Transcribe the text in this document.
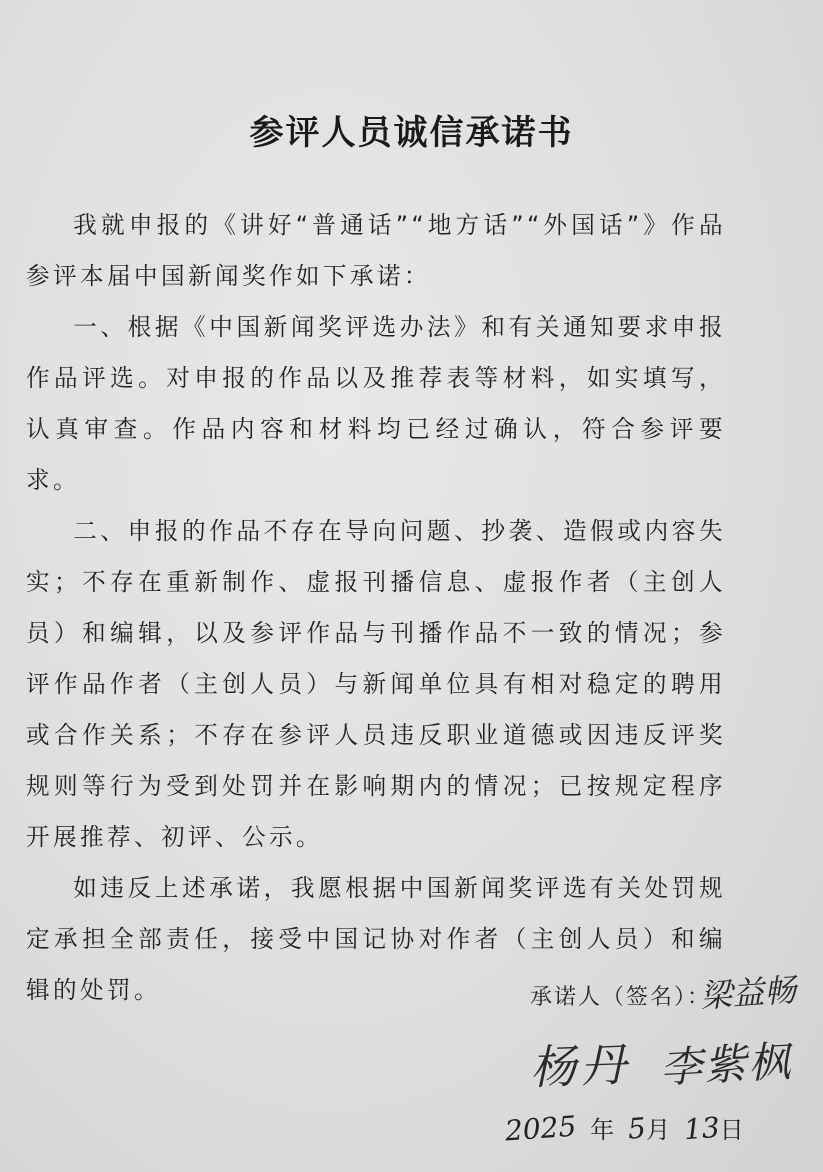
参评人员诚信承诺书

我就申报的《讲好“普通话”“地方话”“外国话”》作品参评本届中国新闻奖作如下承诺：

一、根据《中国新闻奖评选办法》和有关通知要求申报作品评选。对申报的作品以及推荐表等材料，如实填写，认真审查。作品内容和材料均已经过确认，符合参评要求。

二、申报的作品不存在导向问题、抄袭、造假或内容失实；不存在重新制作、虚报刊播信息、虚报作者（主创人员）和编辑，以及参评作品与刊播作品不一致的情况；参评作品作者（主创人员）与新闻单位具有相对稳定的聘用或合作关系；不存在参评人员违反职业道德或因违反评奖规则等行为受到处罚并在影响期内的情况；已按规定程序开展推荐、初评、公示。

如违反上述承诺，我愿根据中国新闻奖评选有关处罚规定承担全部责任，接受中国记协对作者（主创人员）和编辑的处罚。	承诺人（签名）：
梁益畅
杨丹 李紫枫
2025 年 5月 13日
